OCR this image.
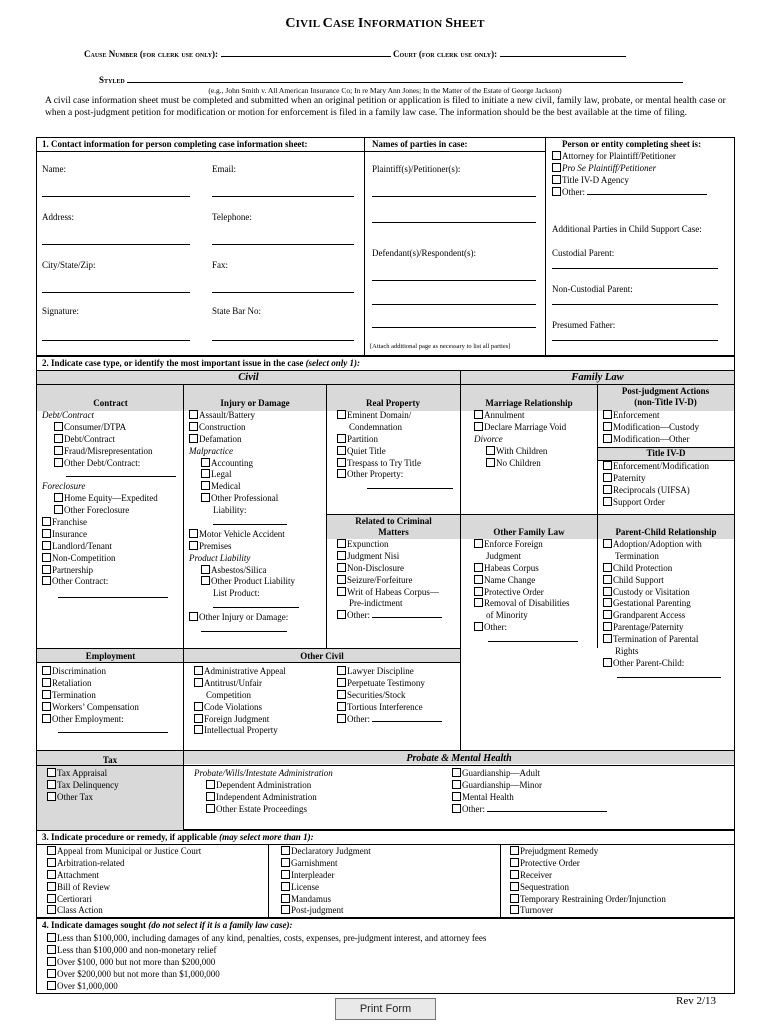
CIVIL CASE INFORMATION SHEET
Cause Number (for clerk use only):	Court (for clerk use only):
Styled
(e.g., John Smith v. All American Insurance Co; In re Mary Ann Jones; In the Matter of the Estate of George Jackson)
A civil case information sheet must be completed and submitted when an original petition or application is filed to initiate a new civil, family law, probate, or mental health case or when a post-judgment petition for modification or motion for enforcement is filed in a family law case. The information should be the best available at the time of filing.
1. Contact information for person completing case information sheet:	Names of parties in case:	Person or entity completing sheet is:
Name:	Email:
Address:	Telephone:
City/State/Zip:	Fax:
Signature:	State Bar No:
Plaintiff(s)/Petitioner(s):
Defendant(s)/Respondent(s):
[Attach additional page as necessary to list all parties]
Attorney for Plaintiff/Petitioner
Pro Se Plaintiff/Petitioner
Title IV-D Agency
Other:
Additional Parties in Child Support Case:
Custodial Parent:
Non-Custodial Parent:
Presumed Father:
2. Indicate case type, or identify the most important issue in the case (select only 1):
Civil	Family Law
Contract	Injury or Damage	Real Property	Marriage Relationship
Post-judgment Actions
(non-Title IV-D)
Debt/Contract
Consumer/DTPA
Debt/Contract
Fraud/Misrepresentation
Other Debt/Contract:
Foreclosure
Home Equity—Expedited
Other Foreclosure
Franchise
Insurance
Landlord/Tenant
Non-Competition
Partnership
Other Contract:
Assault/Battery
Construction
Defamation
Malpractice
Accounting
Legal
Medical
Other Professional
Liability:
Motor Vehicle Accident
Premises
Product Liability
Asbestos/Silica
Other Product Liability
List Product:
Other Injury or Damage:
Eminent Domain/
Condemnation
Partition
Quiet Title
Trespass to Try Title
Other Property:
Related to Criminal
Matters
Expunction
Judgment Nisi
Non-Disclosure
Seizure/Forfeiture
Writ of Habeas Corpus—
Pre-indictment
Other:
Annulment
Declare Marriage Void
Divorce
With Children
No Children
Other Family Law
Enforce Foreign
Judgment
Habeas Corpus
Name Change
Protective Order
Removal of Disabilities
of Minority
Other:
Enforcement
Modification—Custody
Modification—Other
Title IV-D
Enforcement/Modification
Paternity
Reciprocals (UIFSA)
Support Order
Parent-Child Relationship
Adoption/Adoption with
Termination
Child Protection
Child Support
Custody or Visitation
Gestational Parenting
Grandparent Access
Parentage/Paternity
Termination of Parental
Rights
Other Parent-Child:
Employment	Other Civil
Discrimination
Retaliation
Termination
Workers’ Compensation
Other Employment:
Administrative Appeal
Antitrust/Unfair
Competition
Code Violations
Foreign Judgment
Intellectual Property
Lawyer Discipline
Perpetuate Testimony
Securities/Stock
Tortious Interference
Other:
Tax	Probate & Mental Health
Tax Appraisal
Tax Delinquency
Other Tax
Probate/Wills/Intestate Administration
Dependent Administration
Independent Administration
Other Estate Proceedings
Guardianship—Adult
Guardianship—Minor
Mental Health
Other:
3. Indicate procedure or remedy, if applicable (may select more than 1):
Appeal from Municipal or Justice Court
Arbitration-related
Attachment
Bill of Review
Certiorari
Class Action
Declaratory Judgment
Garnishment
Interpleader
License
Mandamus
Post-judgment
Prejudgment Remedy
Protective Order
Receiver
Sequestration
Temporary Restraining Order/Injunction
Turnover
4. Indicate damages sought (do not select if it is a family law case):
Less than $100,000, including damages of any kind, penalties, costs, expenses, pre-judgment interest, and attorney fees
Less than $100,000 and non-monetary relief
Over $100, 000 but not more than $200,000
Over $200,000 but not more than $1,000,000
Over $1,000,000
Print Form
Rev 2/13
